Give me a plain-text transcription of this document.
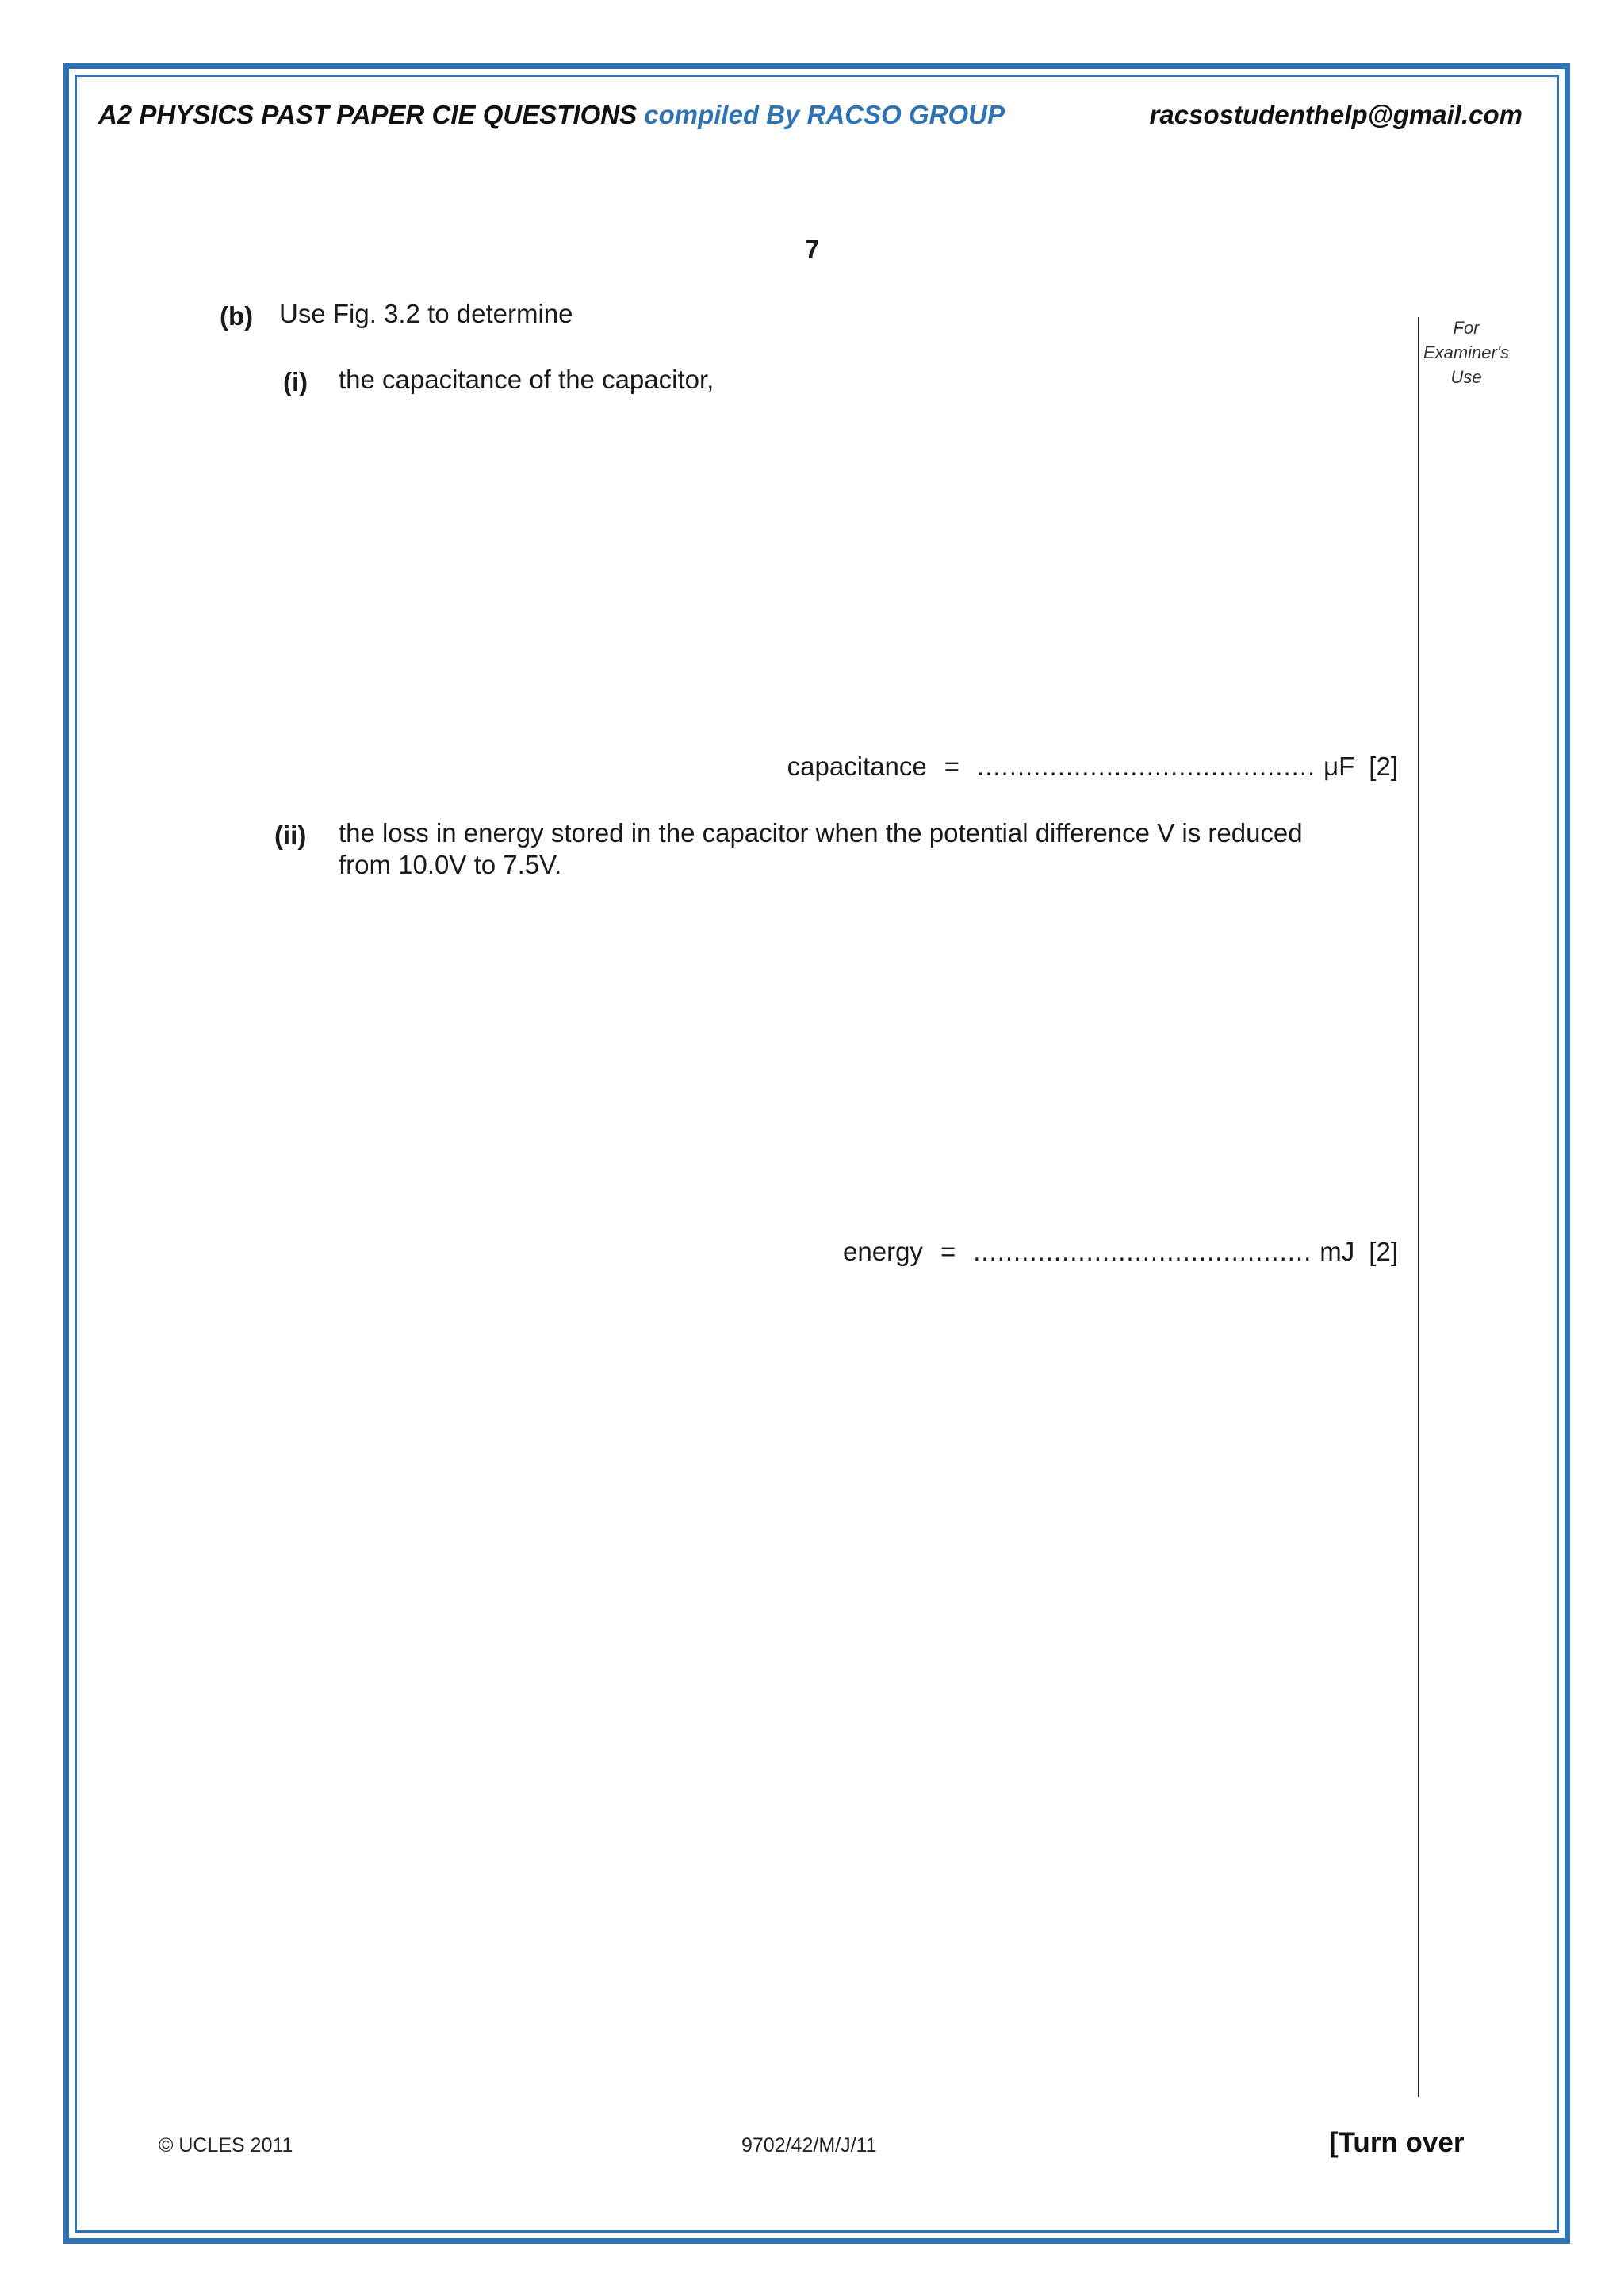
A2 PHYSICS PAST PAPER CIE QUESTIONS compiled By RACSO GROUP	racsostudenthelp@gmail.com
7
For
Examiner's
Use
(b) Use Fig. 3.2 to determine
(i) the capacitance of the capacitor,
capacitance = .......................................... μF [2]
(ii) the loss in energy stored in the capacitor when the potential difference V is reduced
from 10.0V to 7.5V.
energy = .......................................... mJ [2]
© UCLES 2011	9702/42/M/J/11	[Turn over
